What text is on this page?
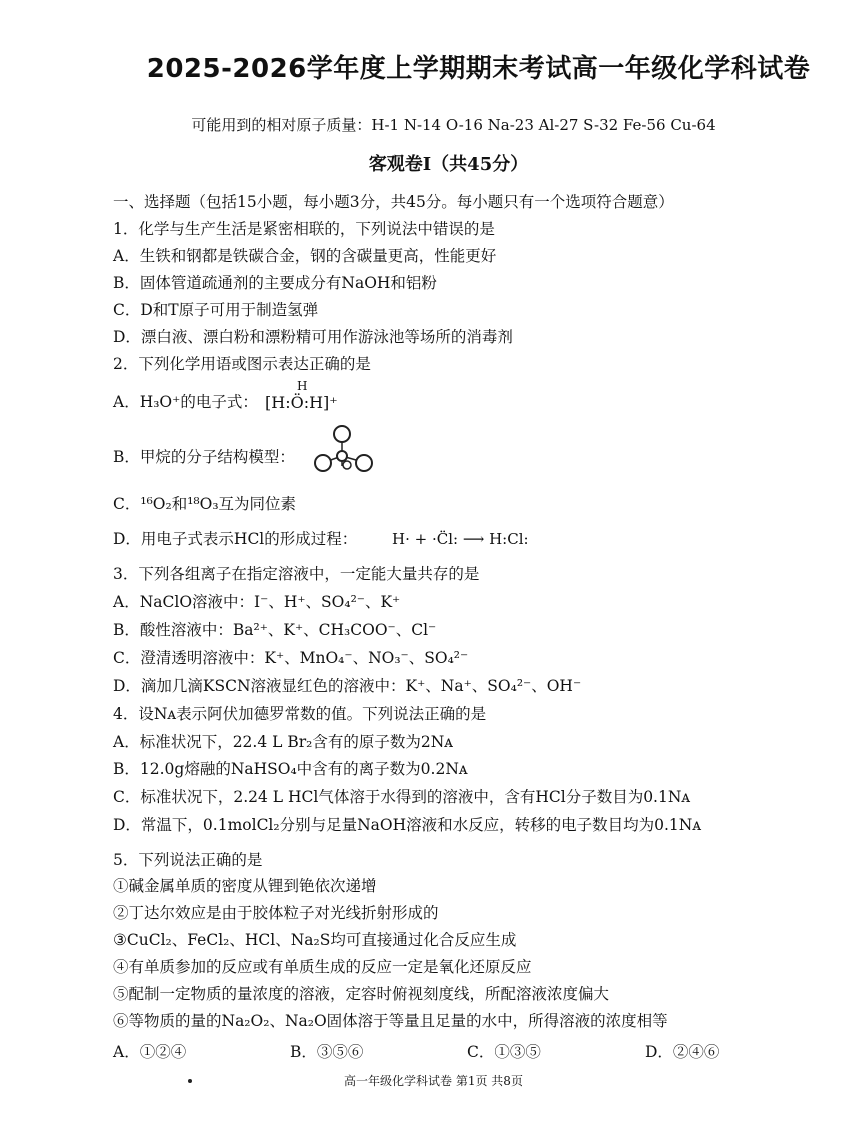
2025-2026学年度上学期期末考试高一年级化学科试卷
可能用到的相对原子质量：H-1 N-14 O-16 Na-23 Al-27 S-32 Fe-56 Cu-64
客观卷Ⅰ（共45分）
一、选择题（包括15小题，每小题3分，共45分。每小题只有一个选项符合题意）
1．化学与生产生活是紧密相联的，下列说法中错误的是
A．生铁和钢都是铁碳合金，钢的含碳量更高，性能更好
B．固体管道疏通剂的主要成分有NaOH和铝粉
C．D和T原子可用于制造氢弹
D．漂白液、漂白粉和漂粉精可用作游泳池等场所的消毒剂
2．下列化学用语或图示表达正确的是
A．H₃O⁺的电子式：
H
[H:Ö:H]⁺
B．甲烷的分子结构模型：
C．¹⁶O₂和¹⁸O₃互为同位素
D．用电子式表示HCl的形成过程： H· + ·C̈l: ⟶ H:Cl:
3．下列各组离子在指定溶液中，一定能大量共存的是
A．NaClO溶液中：I⁻、H⁺、SO₄²⁻、K⁺
B．酸性溶液中：Ba²⁺、K⁺、CH₃COO⁻、Cl⁻
C．澄清透明溶液中：K⁺、MnO₄⁻、NO₃⁻、SO₄²⁻
D．滴加几滴KSCN溶液显红色的溶液中：K⁺、Na⁺、SO₄²⁻、OH⁻
4．设Nᴀ表示阿伏加德罗常数的值。下列说法正确的是
A．标准状况下，22.4 L Br₂含有的原子数为2Nᴀ
B．12.0g熔融的NaHSO₄中含有的离子数为0.2Nᴀ
C．标准状况下，2.24 L HCl气体溶于水得到的溶液中，含有HCl分子数目为0.1Nᴀ
D．常温下，0.1molCl₂分别与足量NaOH溶液和水反应，转移的电子数目均为0.1Nᴀ
5．下列说法正确的是
①碱金属单质的密度从锂到铯依次递增
②丁达尔效应是由于胶体粒子对光线折射形成的
③CuCl₂、FeCl₂、HCl、Na₂S均可直接通过化合反应生成
④有单质参加的反应或有单质生成的反应一定是氧化还原反应
⑤配制一定物质的量浓度的溶液，定容时俯视刻度线，所配溶液浓度偏大
⑥等物质的量的Na₂O₂、Na₂O固体溶于等量且足量的水中，所得溶液的浓度相等
A．①②④	B．③⑤⑥	C．①③⑤	D．②④⑥
高一年级化学科试卷 第1页 共8页
